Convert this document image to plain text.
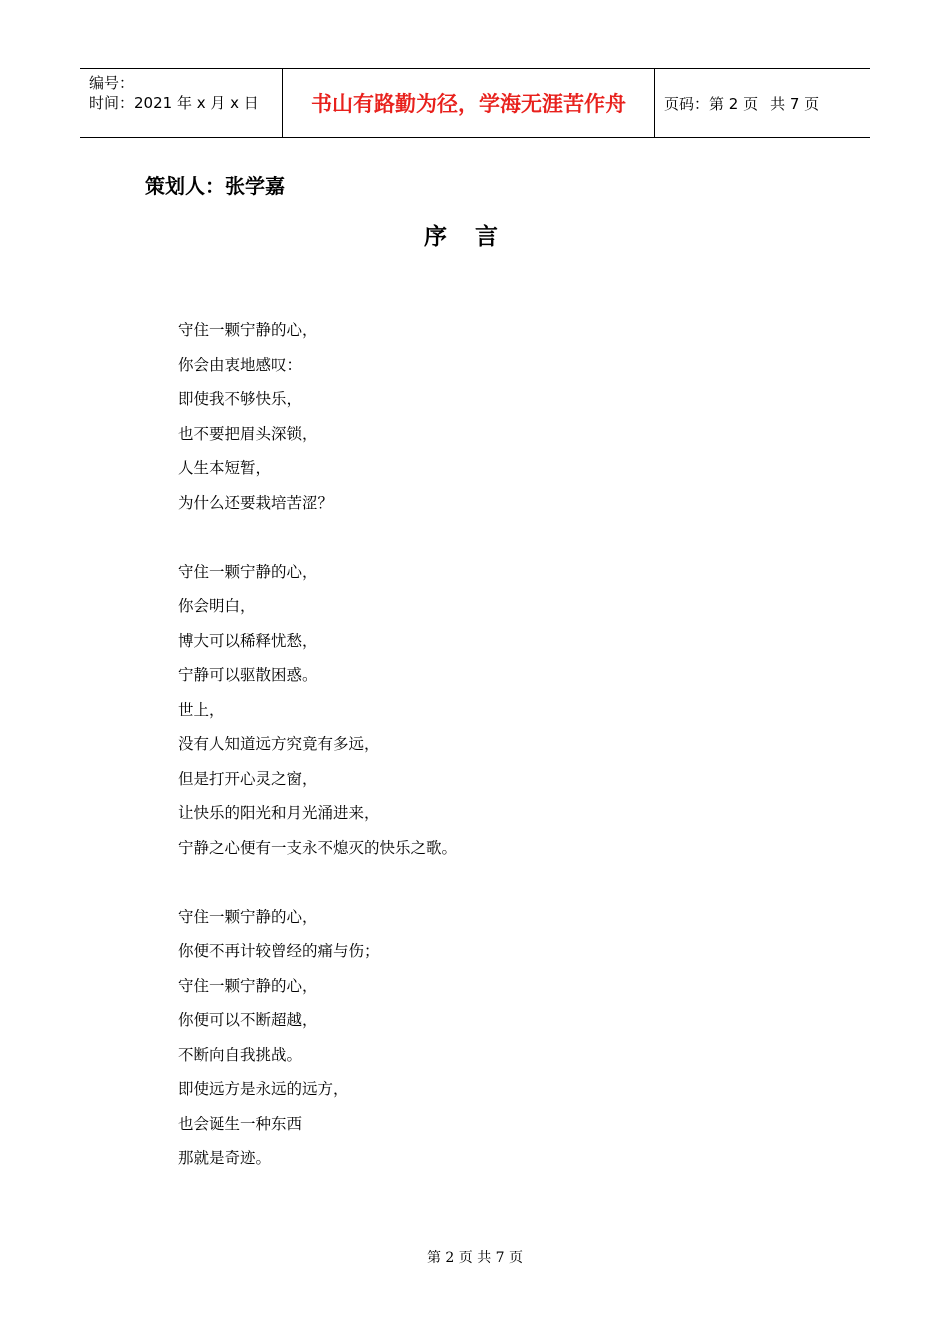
编号：
时间：2021 年 x 月 x 日	书山有路勤为径，学海无涯苦作舟	页码：第 2 页 共 7 页
策划人：张学嘉
序言
守住一颗宁静的心，
你会由衷地感叹：
即使我不够快乐，
也不要把眉头深锁，
人生本短暂，
为什么还要栽培苦涩？
守住一颗宁静的心，
你会明白，
博大可以稀释忧愁，
宁静可以驱散困惑。
世上，
没有人知道远方究竟有多远，
但是打开心灵之窗，
让快乐的阳光和月光涌进来，
宁静之心便有一支永不熄灭的快乐之歌。
守住一颗宁静的心，
你便不再计较曾经的痛与伤；
守住一颗宁静的心，
你便可以不断超越，
不断向自我挑战。
即使远方是永远的远方，
也会诞生一种东西
那就是奇迹。
第 2 页 共 7 页
